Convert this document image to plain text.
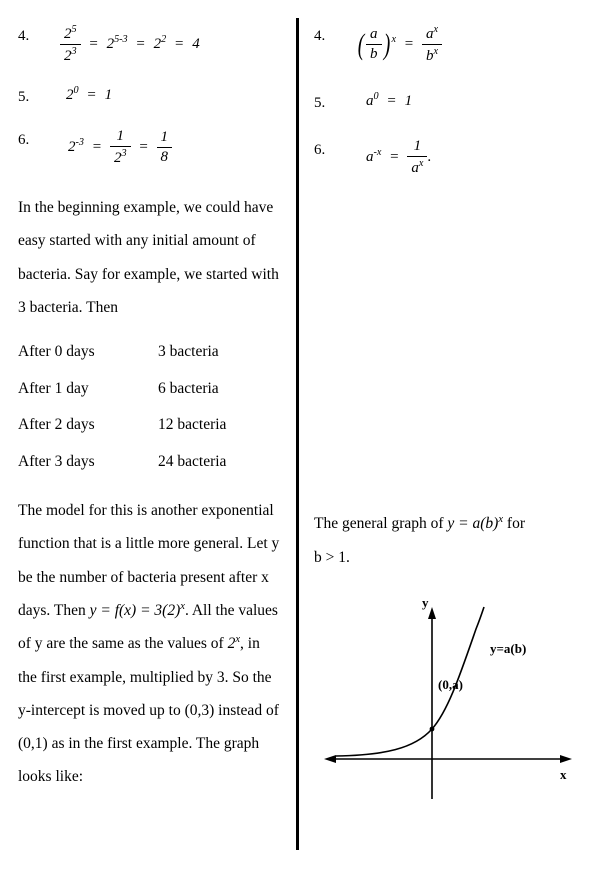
4.	$\frac{2^5}{2^3} = 2^{5-3} = 2^2 = 4$
5.	$2^0 = 1$
6.	$2^{-3} = \frac{1}{2^3} = \frac{1}{8}$

In the beginning example, we could have easy started with any initial amount of bacteria. Say for example, we started with 3 bacteria. Then

After 0 days	3 bacteria
After 1 day	6 bacteria
After 2 days	12 bacteria
After 3 days	24 bacteria

The model for this is another exponential function that is a little more general. Let y be the number of bacteria present after x days. Then $y = f(x) = 3(2)^x$. All the values of y are the same as the values of 2$^x$, in the first example, multiplied by 3. So the y-intercept is moved up to (0,3) instead of (0,1) as in the first example. The graph looks like:

4.	( $\frac{a}{b}$ ) $^x = \frac{a^x}{b^x}$
5.	$a^0 = 1$
6.	$a^{-x} = \frac{1}{a^x}$ .
The general graph of $y = a(b)^x$ for
b > 1.
y
x
y=a(b)
(0,a)
